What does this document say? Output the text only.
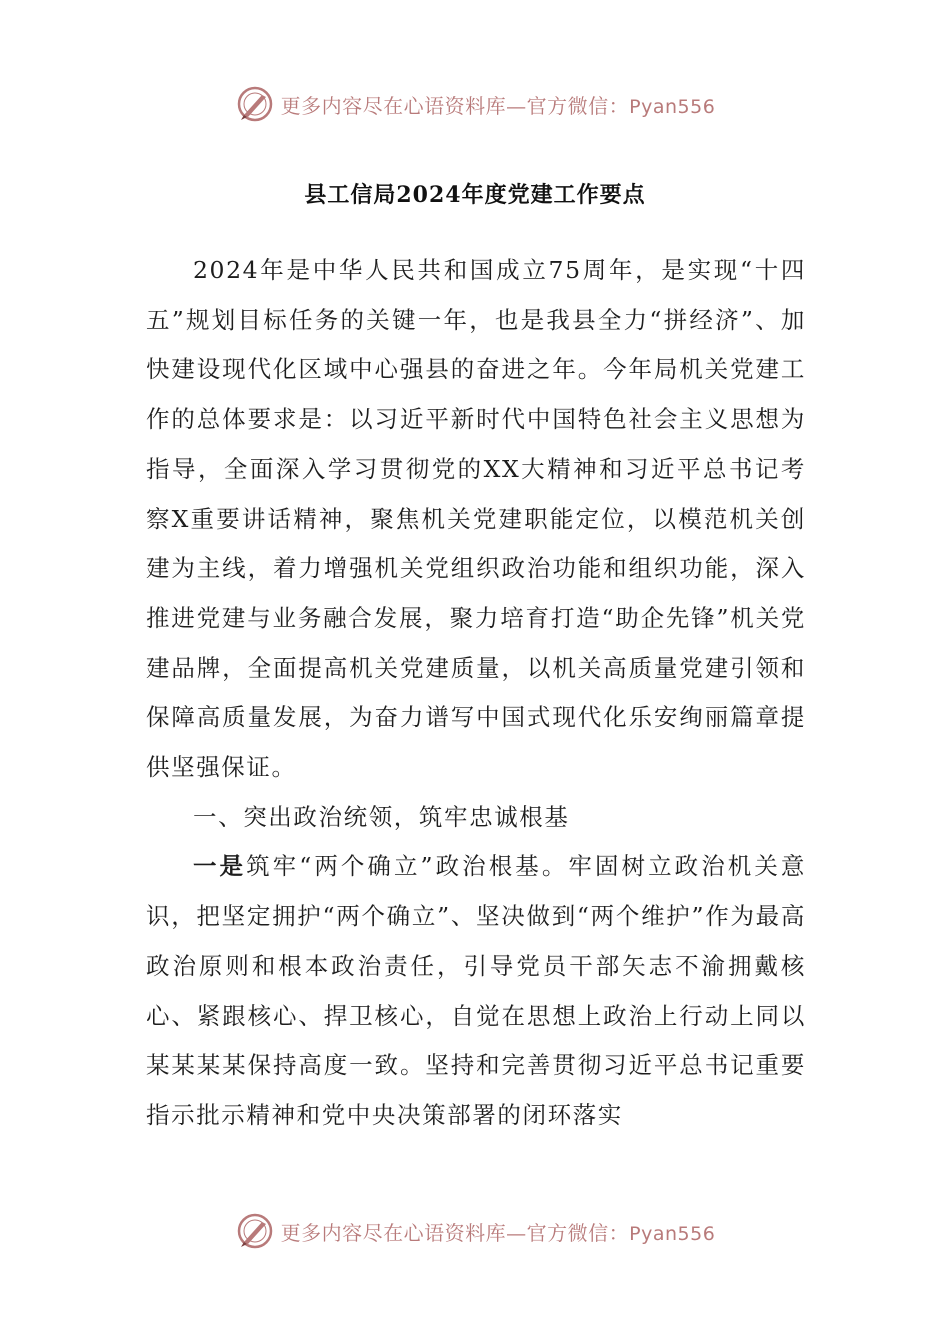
更多内容尽在心语资料库—官方微信：Pyan556
县工信局2024年度党建工作要点

2024年是中华人民共和国成立75周年，是实现“十四五”规划目标任务的关键一年，也是我县全力“拼经济”、加快建设现代化区域中心强县的奋进之年。今年局机关党建工作的总体要求是：以习近平新时代中国特色社会主义思想为指导，全面深入学习贯彻党的XX大精神和习近平总书记考察X重要讲话精神，聚焦机关党建职能定位，以模范机关创建为主线，着力增强机关党组织政治功能和组织功能，深入推进党建与业务融合发展，聚力培育打造“助企先锋”机关党建品牌，全面提高机关党建质量，以机关高质量党建引领和保障高质量发展，为奋力谱写中国式现代化乐安绚丽篇章提供坚强保证。

一、突出政治统领，筑牢忠诚根基

一是筑牢“两个确立”政治根基。牢固树立政治机关意识，把坚定拥护“两个确立”、坚决做到“两个维护”作为最高政治原则和根本政治责任，引导党员干部矢志不渝拥戴核心、紧跟核心、捍卫核心，自觉在思想上政治上行动上同以某某某某保持高度一致。坚持和完善贯彻习近平总书记重要指示批示精神和党中央决策部署的闭环落实

更多内容尽在心语资料库—官方微信：Pyan556
